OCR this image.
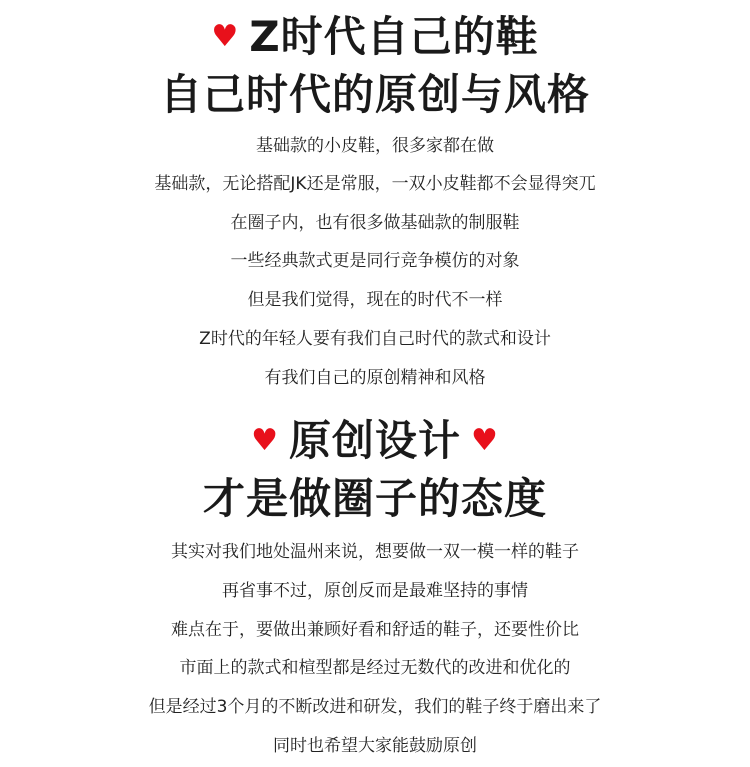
♥ Z时代自己的鞋
自己时代的原创与风格
基础款的小皮鞋，很多家都在做
基础款，无论搭配JK还是常服，一双小皮鞋都不会显得突兀
在圈子内，也有很多做基础款的制服鞋
一些经典款式更是同行竞争模仿的对象
但是我们觉得，现在的时代不一样
Z时代的年轻人要有我们自己时代的款式和设计
有我们自己的原创精神和风格
♥ 原创设计 ♥
才是做圈子的态度
其实对我们地处温州来说，想要做一双一模一样的鞋子
再省事不过，原创反而是最难坚持的事情
难点在于，要做出兼顾好看和舒适的鞋子，还要性价比
市面上的款式和楦型都是经过无数代的改进和优化的
但是经过3个月的不断改进和研发，我们的鞋子终于磨出来了
同时也希望大家能鼓励原创
